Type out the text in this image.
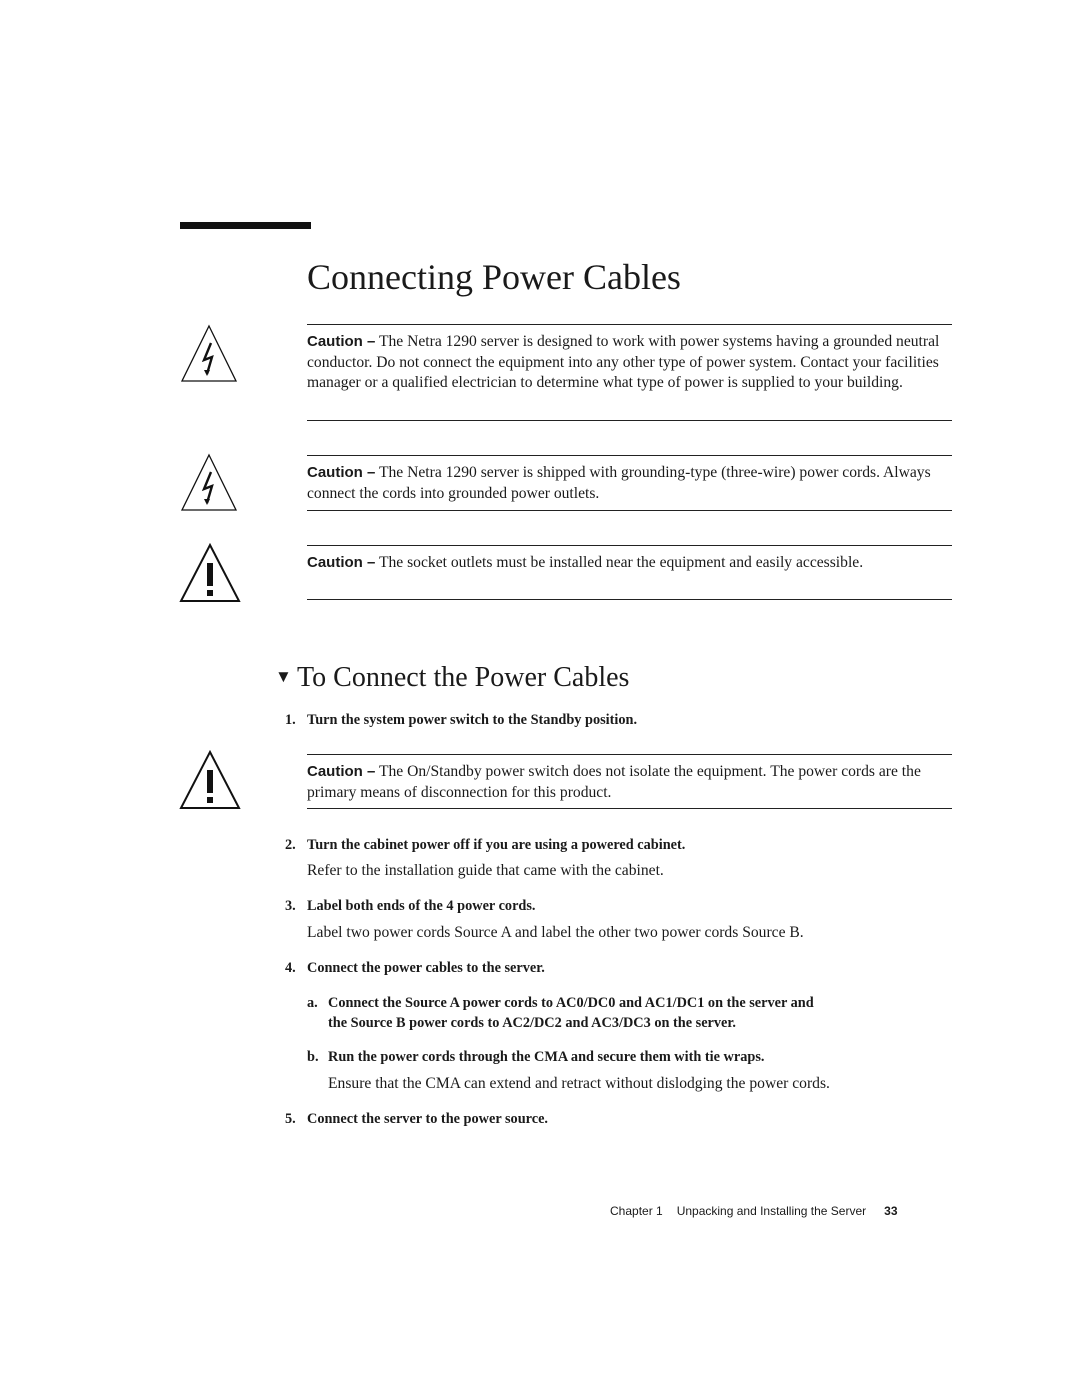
Connecting Power Cables
Caution – The Netra 1290 server is designed to work with power systems having a grounded neutral conductor. Do not connect the equipment into any other type of power system. Contact your facilities manager or a qualified electrician to determine what type of power is supplied to your building.
Caution – The Netra 1290 server is shipped with grounding-type (three-wire) power cords. Always connect the cords into grounded power outlets.
Caution – The socket outlets must be installed near the equipment and easily accessible.
▼ To Connect the Power Cables
1. Turn the system power switch to the Standby position.
Caution – The On/Standby power switch does not isolate the equipment. The power cords are the primary means of disconnection for this product.
2. Turn the cabinet power off if you are using a powered cabinet.
Refer to the installation guide that came with the cabinet.
3. Label both ends of the 4 power cords.
Label two power cords Source A and label the other two power cords Source B.
4. Connect the power cables to the server.
a. Connect the Source A power cords to AC0/DC0 and AC1/DC1 on the server and
the Source B power cords to AC2/DC2 and AC3/DC3 on the server.
b. Run the power cords through the CMA and secure them with tie wraps.
Ensure that the CMA can extend and retract without dislodging the power cords.
5. Connect the server to the power source.
Chapter 1 Unpacking and Installing the Server 33
